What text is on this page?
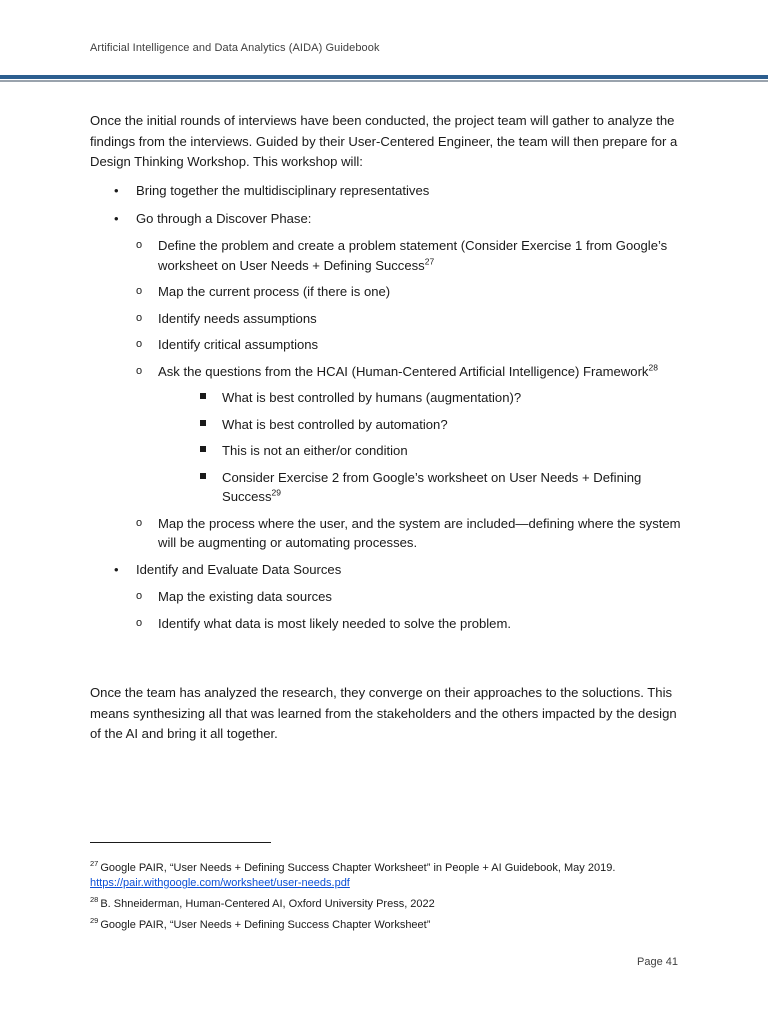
Artificial Intelligence and Data Analytics (AIDA) Guidebook

Once the initial rounds of interviews have been conducted, the project team will gather to analyze the findings from the interviews. Guided by their User-Centered Engineer, the team will then prepare for a Design Thinking Workshop. This workshop will:

• Bring together the multidisciplinary representatives
• Go through a Discover Phase:
o Define the problem and create a problem statement (Consider Exercise 1 from Google’s worksheet on User Needs + Defining Success$^{27}$
o Map the current process (if there is one)
o Identify needs assumptions
o Identify critical assumptions
o Ask the questions from the HCAI (Human-Centered Artificial Intelligence) Framework$^{28}$
What is best controlled by humans (augmentation)?
What is best controlled by automation?
This is not an either/or condition
Consider Exercise 2 from Google’s worksheet on User Needs + Defining Success$^{29}$
o Map the process where the user, and the system are included—defining where the system will be augmenting or automating processes.
• Identify and Evaluate Data Sources
o Map the existing data sources
o Identify what data is most likely needed to solve the problem.

Once the team has analyzed the research, they converge on their approaches to the soluctions. This means synthesizing all that was learned from the stakeholders and the others impacted by the design of the AI and bring it all together.

$^{27}$ Google PAIR, “User Needs + Defining Success Chapter Worksheet” in People + AI Guidebook, May 2019.
https://pair.withgoogle.com/worksheet/user-needs.pdf
$^{28}$ B. Shneiderman, Human-Centered AI, Oxford University Press, 2022
$^{29}$ Google PAIR, “User Needs + Defining Success Chapter Worksheet”
Page 41
